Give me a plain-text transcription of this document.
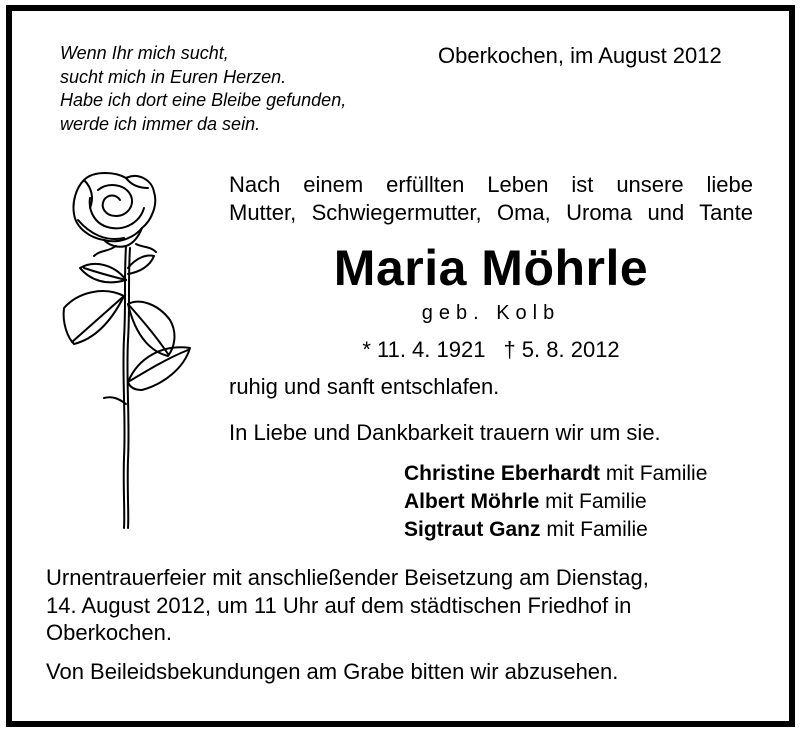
Wenn Ihr mich sucht,
sucht mich in Euren Herzen.
Habe ich dort eine Bleibe gefunden,
werde ich immer da sein.
Oberkochen, im August 2012
Nach einem erfüllten Leben ist unsere liebe
Mutter, Schwiegermutter, Oma, Uroma und Tante
Maria Möhrle
geb. Kolb
* 11. 4. 1921 † 5. 8. 2012
ruhig und sanft entschlafen.
In Liebe und Dankbarkeit trauern wir um sie.
Christine Eberhardt mit Familie
Albert Möhrle mit Familie
Sigtraut Ganz mit Familie
Urnentrauerfeier mit anschließender Beisetzung am Dienstag,
14. August 2012, um 11 Uhr auf dem städtischen Friedhof in
Oberkochen.
Von Beileidsbekundungen am Grabe bitten wir abzusehen.
